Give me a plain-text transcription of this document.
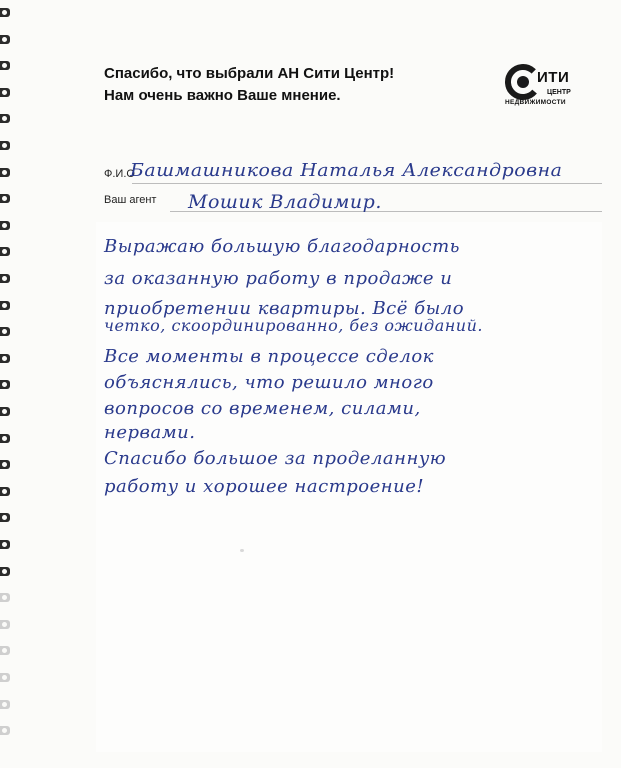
Спасибо, что выбрали АН Сити Центр!
Нам очень важно Ваше мнение.
ИТИ
ЦЕНТР
НЕДВИЖИМОСТИ
Ф.И.О
Башмашникова Наталья Александровна
Ваш агент Мошик Владимир.
Выражаю большую благодарность
за оказанную работу в продаже и
приобретении квартиры. Всё было
четко, скоординированно, без ожиданий.
Все моменты в процессе сделок
объяснялись, что решило много
вопросов со временем, силами,
нервами.
Спасибо большое за проделанную
работу и хорошее настроение!
